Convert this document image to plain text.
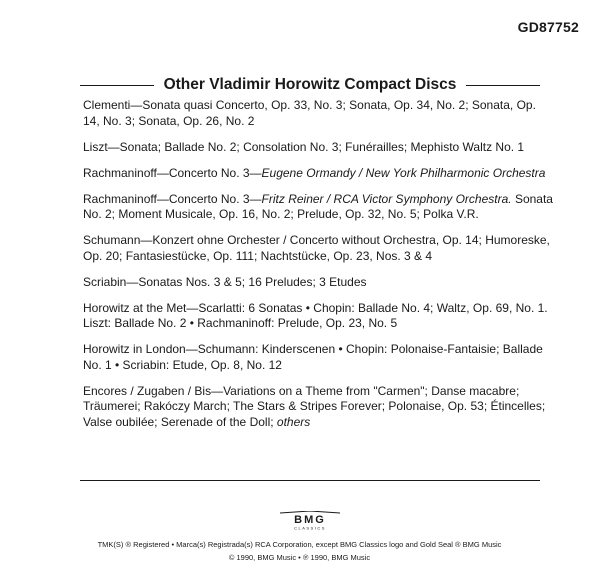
GD87752
Other Vladimir Horowitz Compact Discs
Clementi—Sonata quasi Concerto, Op. 33, No. 3; Sonata, Op. 34, No. 2; Sonata, Op. 14, No. 3; Sonata, Op. 26, No. 2
Liszt—Sonata; Ballade No. 2; Consolation No. 3; Funérailles; Mephisto Waltz No. 1
Rachmaninoff—Concerto No. 3—Eugene Ormandy / New York Philharmonic Orchestra
Rachmaninoff—Concerto No. 3—Fritz Reiner / RCA Victor Symphony Orchestra. Sonata No. 2; Moment Musicale, Op. 16, No. 2; Prelude, Op. 32, No. 5; Polka V.R.
Schumann—Konzert ohne Orchester / Concerto without Orchestra, Op. 14; Humoreske, Op. 20; Fantasiestücke, Op. 111; Nachtstücke, Op. 23, Nos. 3 & 4
Scriabin—Sonatas Nos. 3 & 5; 16 Preludes; 3 Etudes
Horowitz at the Met—Scarlatti: 6 Sonatas • Chopin: Ballade No. 4; Waltz, Op. 69, No. 1. Liszt: Ballade No. 2 • Rachmaninoff: Prelude, Op. 23, No. 5
Horowitz in London—Schumann: Kinderscenen • Chopin: Polonaise-Fantaisie; Ballade No. 1 • Scriabin: Etude, Op. 8, No. 12
Encores / Zugaben / Bis—Variations on a Theme from "Carmen"; Danse macabre; Träumerei; Rakóczy March; The Stars & Stripes Forever; Polonaise, Op. 53; Étincelles; Valse oubilée; Serenade of the Doll; others
BMG
CLASSICS
TMK(S) ® Registered • Marca(s) Registrada(s) RCA Corporation, except BMG Classics logo and Gold Seal ® BMG Music
© 1990, BMG Music • ℗ 1990, BMG Music
